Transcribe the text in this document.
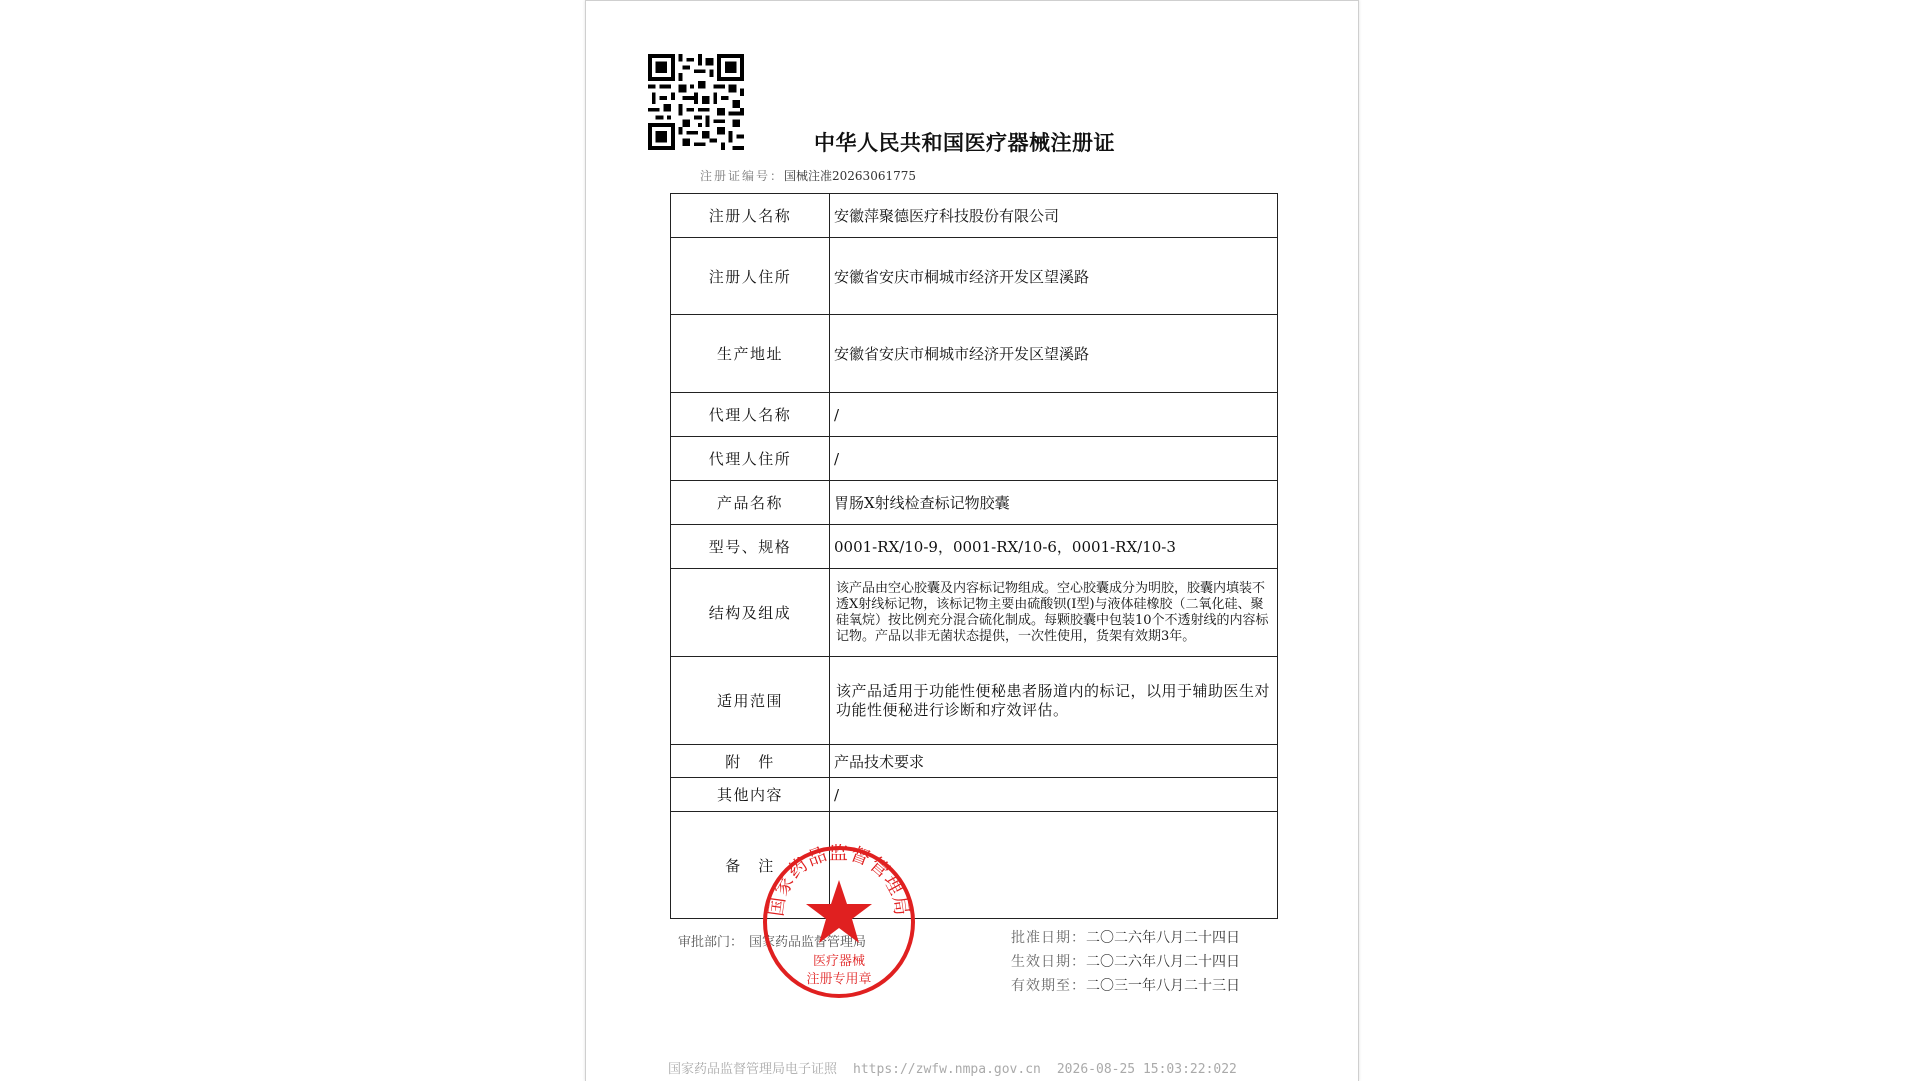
中华人民共和国医疗器械注册证
注册证编号：国械注准20263061775
注册人名称	安徽萍聚德医疗科技股份有限公司
注册人住所	安徽省安庆市桐城市经济开发区望溪路
生产地址	安徽省安庆市桐城市经济开发区望溪路
代理人名称	/
代理人住所	/
产品名称	胃肠X射线检查标记物胶囊
型号、规格	0001-RX/10-9，0001-RX/10-6，0001-RX/10-3
结构及组成	该产品由空心胶囊及内容标记物组成。空心胶囊成分为明胶，胶囊内填装不透X射线标记物，该标记物主要由硫酸钡(I型)与液体硅橡胶（二氧化硅、聚硅氧烷）按比例充分混合硫化制成。每颗胶囊中包装10个不透射线的内容标记物。产品以非无菌状态提供，一次性使用，货架有效期3年。
适用范围	该产品适用于功能性便秘患者肠道内的标记，以用于辅助医生对功能性便秘进行诊断和疗效评估。
附　件	产品技术要求
其他内容	/
备　注	
审批部门： 国家药品监督管理局	批准日期：二〇二六年八月二十四日
生效日期：二〇二六年八月二十四日
有效期至：二〇三一年八月二十三日
国家药品监督管理局
医疗器械
注册专用章
国家药品监督管理局电子证照 https://zwfw.nmpa.gov.cn 2026-08-25 15:03:22:022
